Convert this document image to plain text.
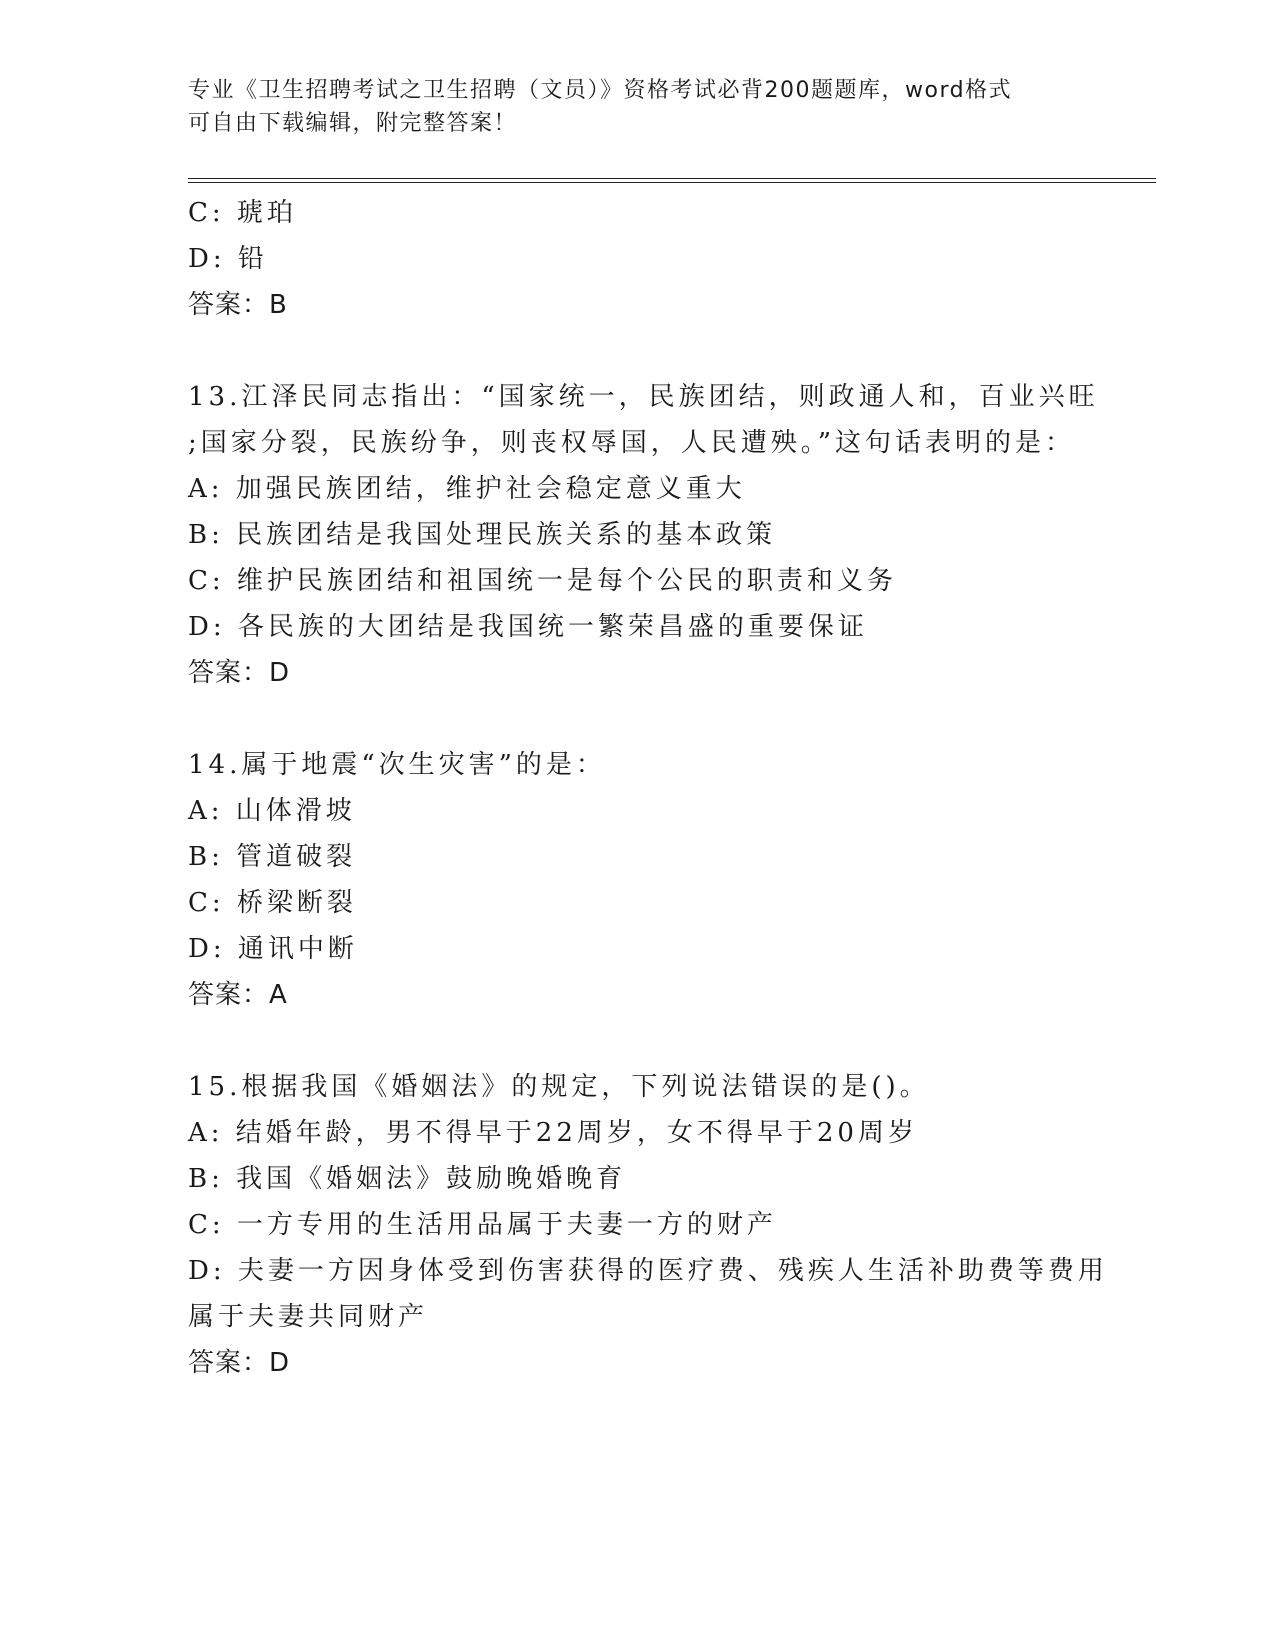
专业《卫生招聘考试之卫生招聘（文员）》资格考试必背200题题库，word格式
可自由下载编辑，附完整答案！
C: 琥珀
D: 铅
答案：B
13.江泽民同志指出：“国家统一，民族团结，则政通人和，百业兴旺
;国家分裂，民族纷争，则丧权辱国，人民遭殃。”这句话表明的是：
A: 加强民族团结，维护社会稳定意义重大
B: 民族团结是我国处理民族关系的基本政策
C: 维护民族团结和祖国统一是每个公民的职责和义务
D: 各民族的大团结是我国统一繁荣昌盛的重要保证
答案：D
14.属于地震“次生灾害”的是：
A: 山体滑坡
B: 管道破裂
C: 桥梁断裂
D: 通讯中断
答案：A
15.根据我国《婚姻法》的规定，下列说法错误的是()。
A: 结婚年龄，男不得早于22周岁，女不得早于20周岁
B: 我国《婚姻法》鼓励晚婚晚育
C: 一方专用的生活用品属于夫妻一方的财产
D: 夫妻一方因身体受到伤害获得的医疗费、残疾人生活补助费等费用
属于夫妻共同财产
答案：D
